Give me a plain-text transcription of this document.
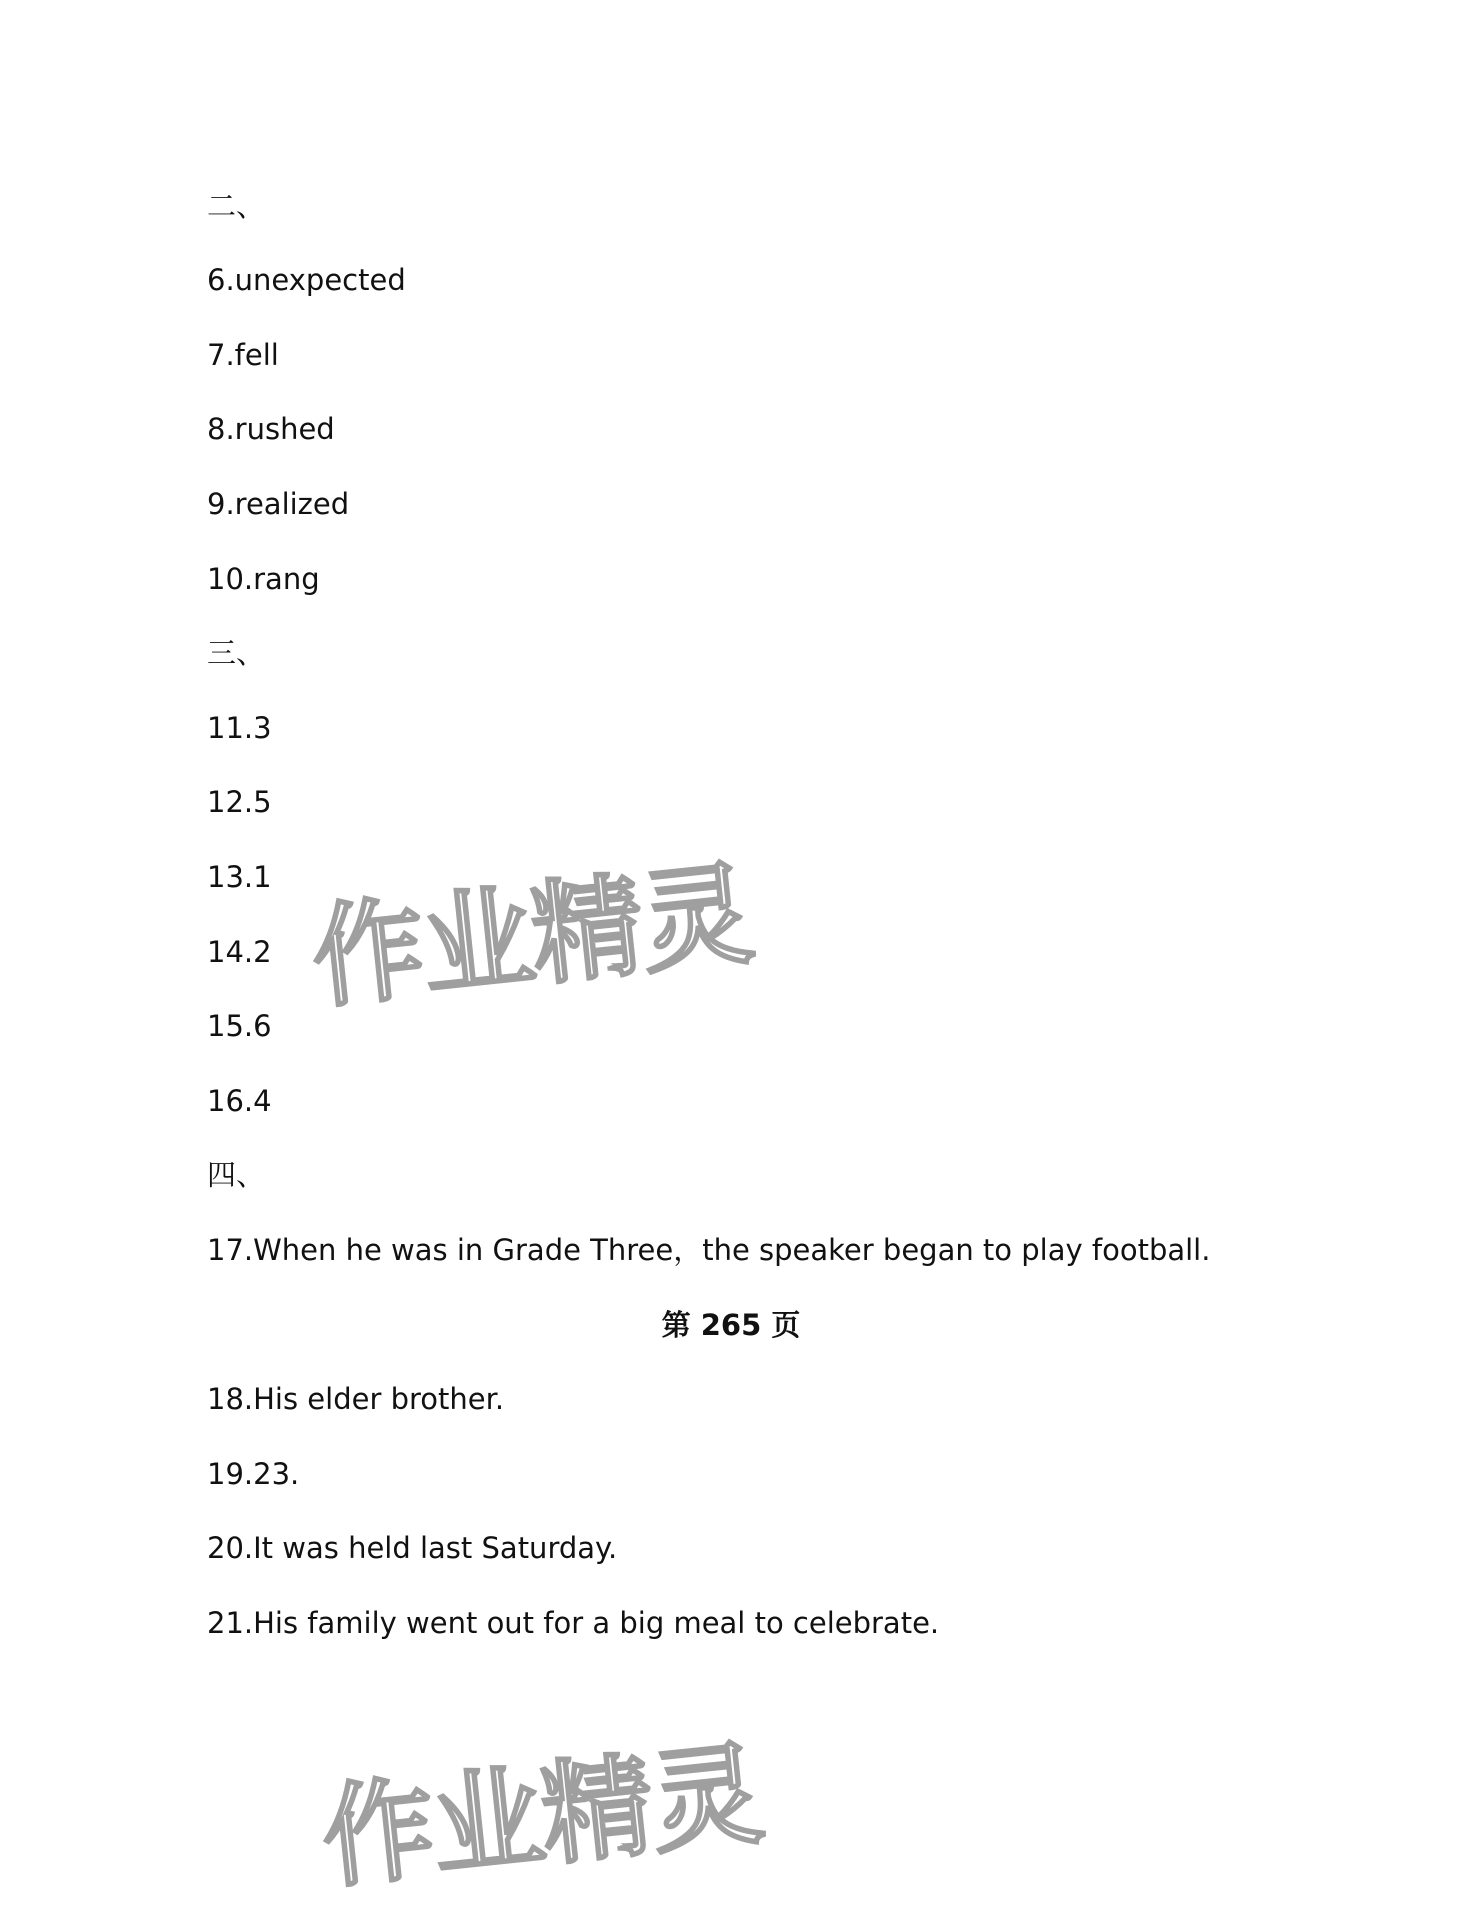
二、
6.unexpected
7.fell
8.rushed
9.realized
10.rang
三、
11.3
12.5
13.1
14.2
15.6
16.4
四、
17.When he was in Grade Three，the speaker began to play football.
第 265 页
18.His elder brother.
19.23.
20.It was held last Saturday.
21.His family went out for a big meal to celebrate.
作业精灵
作业精灵
